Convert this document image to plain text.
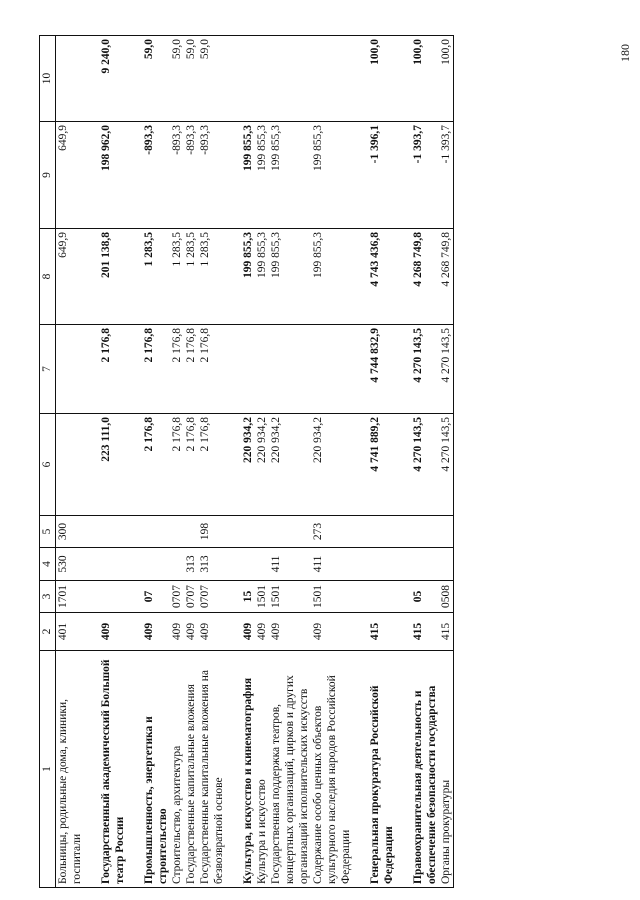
180
1	2	3	4	5	6	7	8	9	10
Больницы, родильные дома, клиники, госпитали	401	1701	530	300			649,9	649,9	

Государственный академический Большой театр России	409				223 111,0	2 176,8	201 138,8	198 962,0	9 240,0

Промышленность, энергетика и строительство	409	07			2 176,8	2 176,8	1 283,5	-893,3	59,0
Строительство, архитектура	409	0707			2 176,8	2 176,8	1 283,5	-893,3	59,0
Государственные капитальные вложения	409	0707	313		2 176,8	2 176,8	1 283,5	-893,3	59,0
Государственные капитальные вложения на безвозвратной основе	409	0707	313	198	2 176,8	2 176,8	1 283,5	-893,3	59,0

Культура, искусство и кинематография	409	15			220 934,2		199 855,3	199 855,3	
Культура и искусство	409	1501			220 934,2		199 855,3	199 855,3	
Государственная поддержка театров, концертных организаций, цирков и других организаций исполнительских искусств	409	1501	411		220 934,2		199 855,3	199 855,3	
Содержание особо ценных объектов культурного наследия народов Российской Федерации	409	1501	411	273	220 934,2		199 855,3	199 855,3	

Генеральная прокуратура Российской Федерации	415				4 741 889,2	4 744 832,9	4 743 436,8	-1 396,1	100,0

Правоохранительная деятельность и обеспечение безопасности государства	415	05			4 270 143,5	4 270 143,5	4 268 749,8	-1 393,7	100,0
Органы прокуратуры	415	0508			4 270 143,5	4 270 143,5	4 268 749,8	-1 393,7	100,0
